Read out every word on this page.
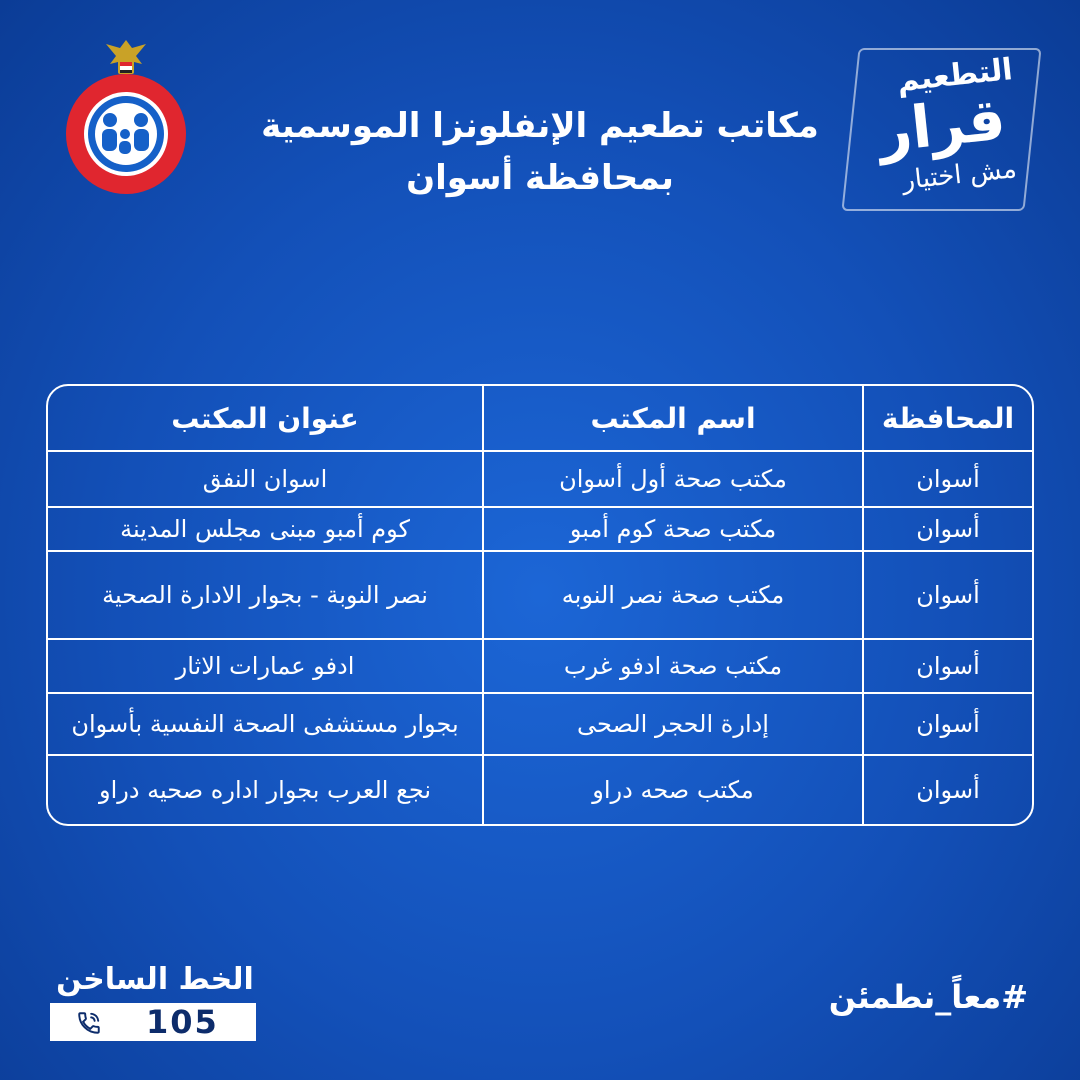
مكاتب تطعيم الإنفلونزا الموسمية
بمحافظة أسوان
التطعيم
قرار
مش اختيار
المحافظة
اسم المكتب
عنوان المكتب
أسوان
مكتب صحة أول أسوان
اسوان النفق
أسوان
مكتب صحة كوم أمبو
كوم أمبو مبنى مجلس المدينة
أسوان
مكتب صحة نصر النوبه
نصر النوبة - بجوار الادارة الصحية
أسوان
مكتب صحة ادفو غرب
ادفو عمارات الاثار
أسوان
إدارة الحجر الصحى
بجوار مستشفى الصحة النفسية بأسوان
أسوان
مكتب صحه دراو
نجع العرب بجوار اداره صحيه دراو
الخط الساخن
105
#معاً_نطمئن
